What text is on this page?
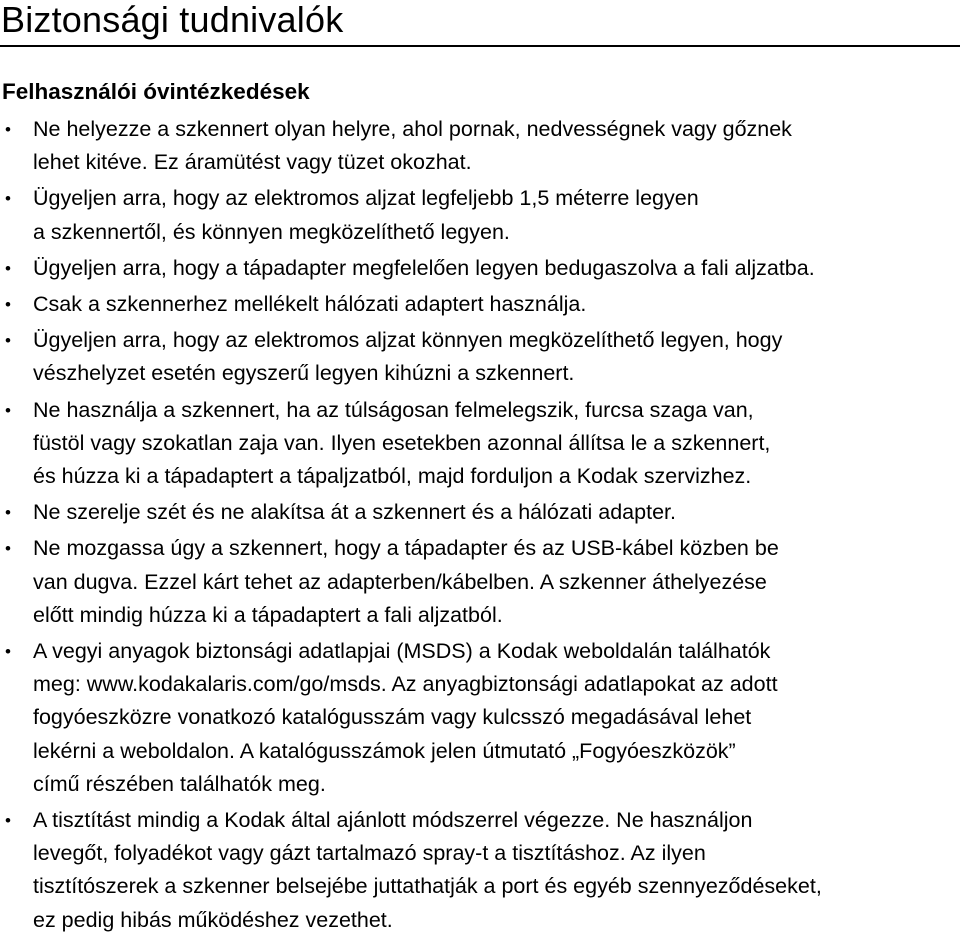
Biztonsági tudnivalók
Felhasználói óvintézkedések
• Ne helyezze a szkennert olyan helyre, ahol pornak, nedvességnek vagy gőznek
lehet kitéve. Ez áramütést vagy tüzet okozhat.
• Ügyeljen arra, hogy az elektromos aljzat legfeljebb 1,5 méterre legyen
a szkennertől, és könnyen megközelíthető legyen.
• Ügyeljen arra, hogy a tápadapter megfelelően legyen bedugaszolva a fali aljzatba.
• Csak a szkennerhez mellékelt hálózati adaptert használja.
• Ügyeljen arra, hogy az elektromos aljzat könnyen megközelíthető legyen, hogy
vészhelyzet esetén egyszerű legyen kihúzni a szkennert.
• Ne használja a szkennert, ha az túlságosan felmelegszik, furcsa szaga van,
füstöl vagy szokatlan zaja van. Ilyen esetekben azonnal állítsa le a szkennert,
és húzza ki a tápadaptert a tápaljzatból, majd forduljon a Kodak szervizhez.
• Ne szerelje szét és ne alakítsa át a szkennert és a hálózati adapter.
• Ne mozgassa úgy a szkennert, hogy a tápadapter és az USB-kábel közben be
van dugva. Ezzel kárt tehet az adapterben/kábelben. A szkenner áthelyezése
előtt mindig húzza ki a tápadaptert a fali aljzatból.
• A vegyi anyagok biztonsági adatlapjai (MSDS) a Kodak weboldalán találhatók
meg: www.kodakalaris.com/go/msds. Az anyagbiztonsági adatlapokat az adott
fogyóeszközre vonatkozó katalógusszám vagy kulcsszó megadásával lehet
lekérni a weboldalon. A katalógusszámok jelen útmutató „Fogyóeszközök”
című részében találhatók meg.
• A tisztítást mindig a Kodak által ajánlott módszerrel végezze. Ne használjon
levegőt, folyadékot vagy gázt tartalmazó spray-t a tisztításhoz. Az ilyen
tisztítószerek a szkenner belsejébe juttathatják a port és egyéb szennyeződéseket,
ez pedig hibás működéshez vezethet.
